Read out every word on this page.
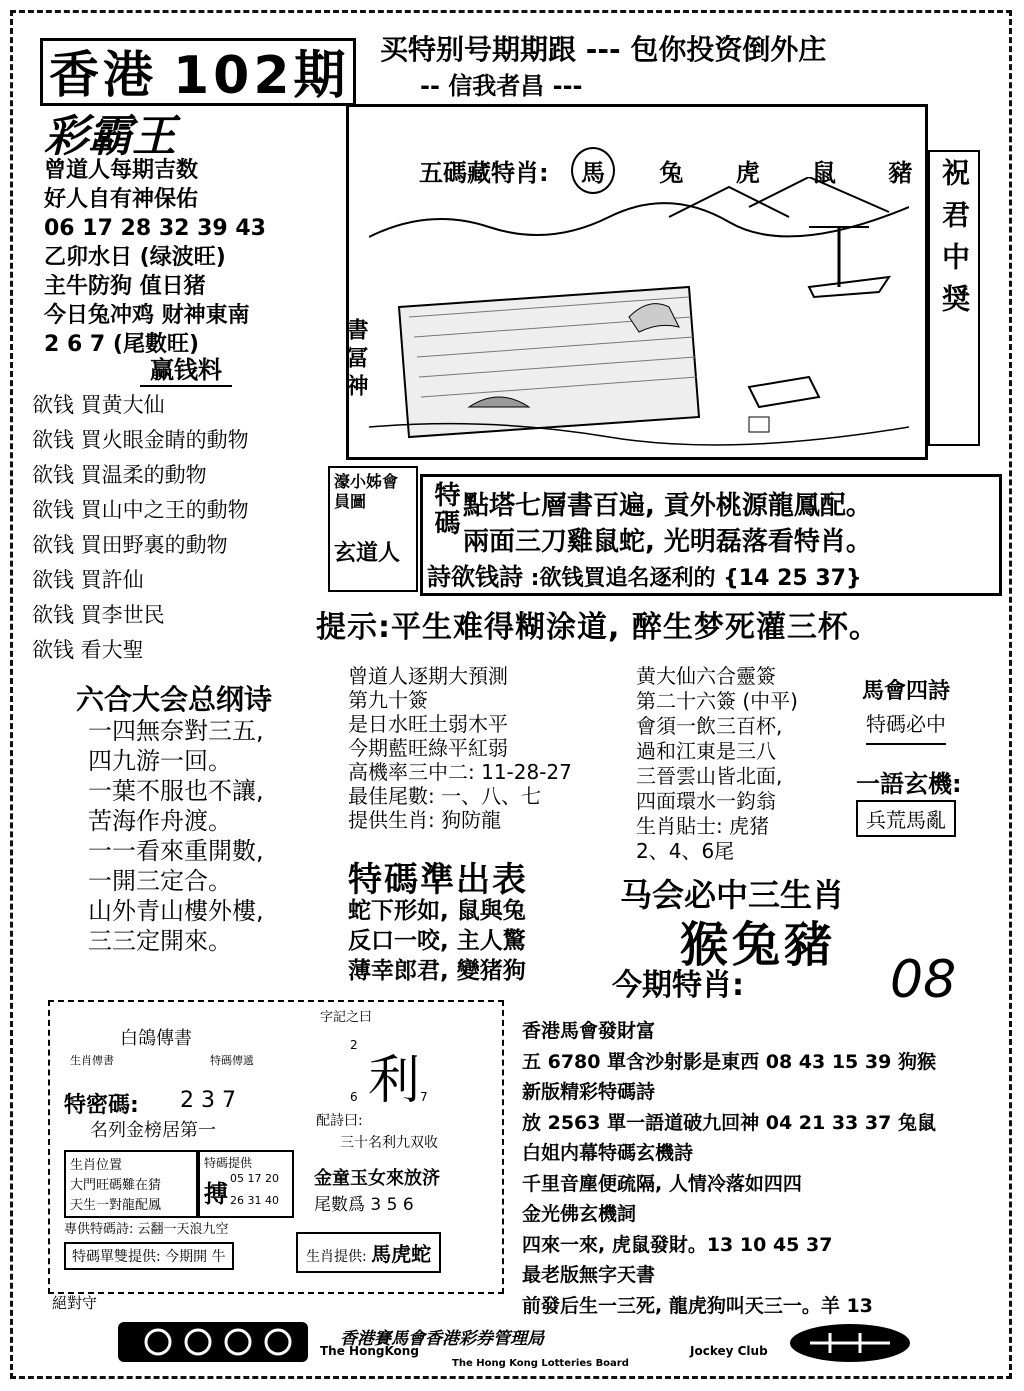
香港 102期 买特别号期期跟 --- 包你投资倒外庄
-- 信我者昌 ---
彩霸王
曾道人每期吉数
好人自有神保佑
06 17 28 32 39 43
乙卯水日 (绿波旺)
主牛防狗 值日猪
今日兔冲鸡 财神東南
2 6 7 (尾數旺)
赢钱料
欲钱 買黄大仙
欲钱 買火眼金睛的動物
欲钱 買温柔的動物
欲钱 買山中之王的動物
欲钱 買田野裏的動物
欲钱 買許仙
欲钱 買李世民
欲钱 看大聖
五碼藏特肖: 馬 兔 虎 鼠 豬 祝君中奨
書冨神
濠小姊會員圖
玄道人
特碼 點塔七層書百遍, 貢外桃源龍鳳配。
兩面三刀雞鼠蛇, 光明磊落看特肖。
詩欲钱詩 :欲钱買追名逐利的 {14 25 37}
提示:平生难得糊涂道, 醉生梦死灌三杯。
六合大会总纲诗
一四無奈對三五,
四九游一回。
一葉不服也不讓,
苦海作舟渡。
一一看來重開數,
一開三定合。
山外青山樓外樓,
三三定開來。
曾道人逐期大預測
第九十簽
是日水旺土弱木平
今期藍旺綠平紅弱
高機率三中二: 11-28-27
最佳尾數: 一、八、七
提供生肖: 狗防龍
黄大仙六合靈簽
第二十六簽 (中平)
會須一飲三百杯,
過和江東是三八
三晉雲山皆北面,
四面環水一鈞翁
生肖貼士: 虎猪
2、4、6尾
馬會四詩
特碼必中
一語玄機:
兵荒馬亂
特碼準出表
蛇下形如, 鼠與兔
反口一咬, 主人驚
薄幸郎君, 變猪狗
马会必中三生肖
猴兔豬
今期特肖:	08
白鴿傳書
生肖傳書	特碼傳遞
特密碼: 2 3 7
名列金榜居第一
生肖位置
大門旺碼難在猜
天生一對龍配鳳
特碼提供
搏
05 17 20
26 31 40
專供特碼詩: 云翻一天浪九空
特碼單雙提供: 今期開 牛
字記之曰
2
利
6	7
配詩曰:
三十名利九双收
金童玉女來放济
尾數爲 3 5 6
生肖提供: 馬虎蛇
絕對守
香港馬會發財富
五 6780 單含沙射影是東西 08 43 15 39 狗猴
新版精彩特碼詩
放 2563 單一語道破九回神 04 21 33 37 兔鼠
白姐内幕特碼玄機詩
千里音塵便疏隔, 人情冷落如四四
金光佛玄機詞
四來一來, 虎鼠發財。13 10 45 37
最老版無字天書
前發后生一三死, 龍虎狗叫天三一。羊 13
香港賽馬會香港彩券管理局
The HongKong	Jockey Club
The Hong Kong Lotteries Board
